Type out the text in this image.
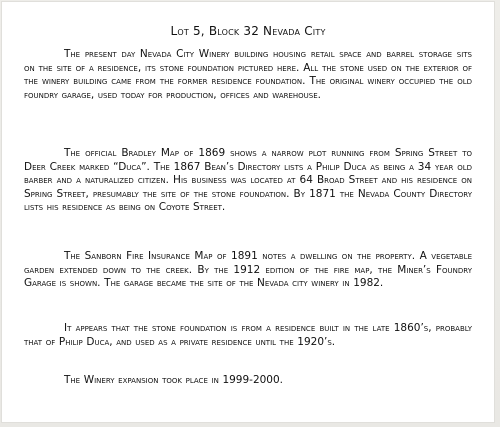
Lot 5, Block 32 Nevada City
The present day Nevada City Winery building housing retail space and barrel storage sits on the site of a residence, its stone foundation pictured here. All the stone used on the exterior of the winery building came from the former residence foundation. The original winery occupied the old foundry garage, used today for production, offices and warehouse.
The official Bradley Map of 1869 shows a narrow plot running from Spring Street to Deer Creek marked “Duca”. The 1867 Bean’s Directory lists a Philip Duca as being a 34 year old barber and a naturalized citizen. His business was located at 64 Broad Street and his residence on Spring Street, presumably the site of the stone foundation. By 1871 the Nevada County Directory lists his residence as being on Coyote Street.
The Sanborn Fire Insurance Map of 1891 notes a dwelling on the property. A vegetable garden extended down to the creek. By the 1912 edition of the fire map, the Miner’s Foundry Garage is shown. The garage became the site of the Nevada city winery in 1982.
It appears that the stone foundation is from a residence built in the late 1860’s, probably that of Philip Duca, and used as a private residence until the 1920’s.
The Winery expansion took place in 1999-2000.
